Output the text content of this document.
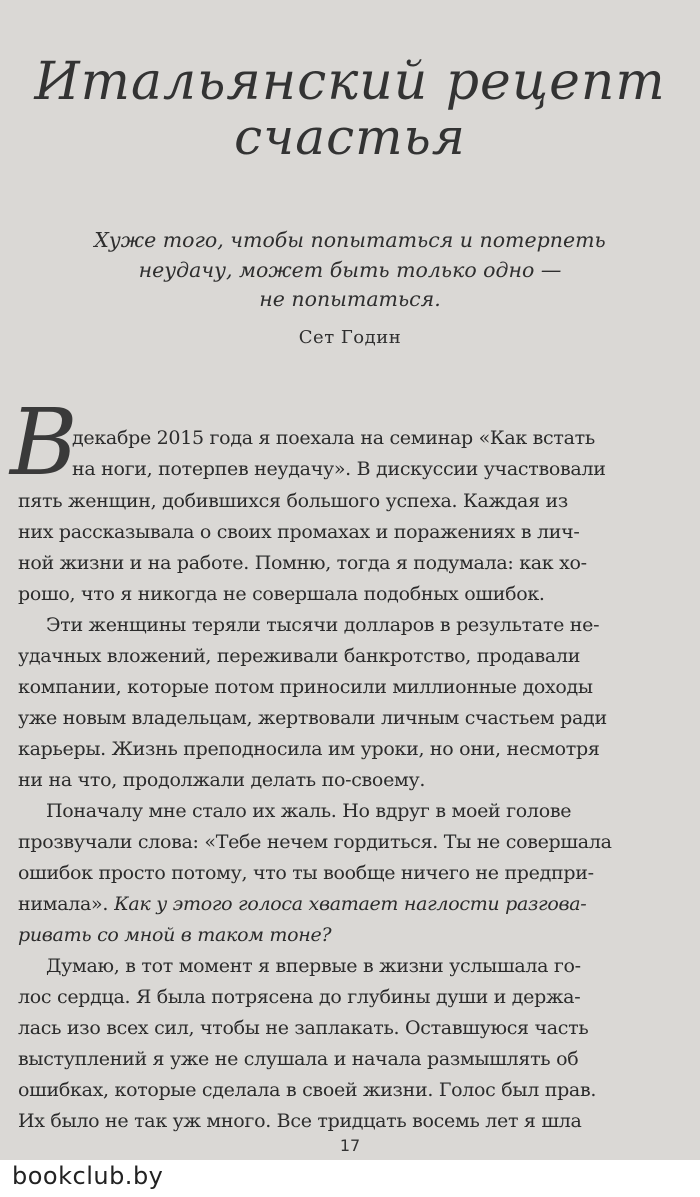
Итальянский рецепт
счастья
Хуже того, чтобы попытаться и потерпеть
неудачу, может быть только одно —
не попытаться.
Сет Годин
В
декабре 2015 года я поехала на семинар «Как встать
на ноги, потерпев неудачу». В дискуссии участвовали
пять женщин, добившихся большого успеха. Каждая из
них рассказывала о своих промахах и поражениях в лич-
ной жизни и на работе. Помню, тогда я подумала: как хо-
рошо, что я никогда не совершала подобных ошибок.
Эти женщины теряли тысячи долларов в результате не-
удачных вложений, переживали банкротство, продавали
компании, которые потом приносили миллионные доходы
уже новым владельцам, жертвовали личным счастьем ради
карьеры. Жизнь преподносила им уроки, но они, несмотря
ни на что, продолжали делать по-своему.
Поначалу мне стало их жаль. Но вдруг в моей голове
прозвучали слова: «Тебе нечем гордиться. Ты не совершала
ошибок просто потому, что ты вообще ничего не предпри-
нимала». Как у этого голоса хватает наглости разгова-
ривать со мной в таком тоне?
Думаю, в тот момент я впервые в жизни услышала го-
лос сердца. Я была потрясена до глубины души и держа-
лась изо всех сил, чтобы не заплакать. Оставшуюся часть
выступлений я уже не слушала и начала размышлять об
ошибках, которые сделала в своей жизни. Голос был прав.
Их было не так уж много. Все тридцать восемь лет я шла
17
bookclub.by
